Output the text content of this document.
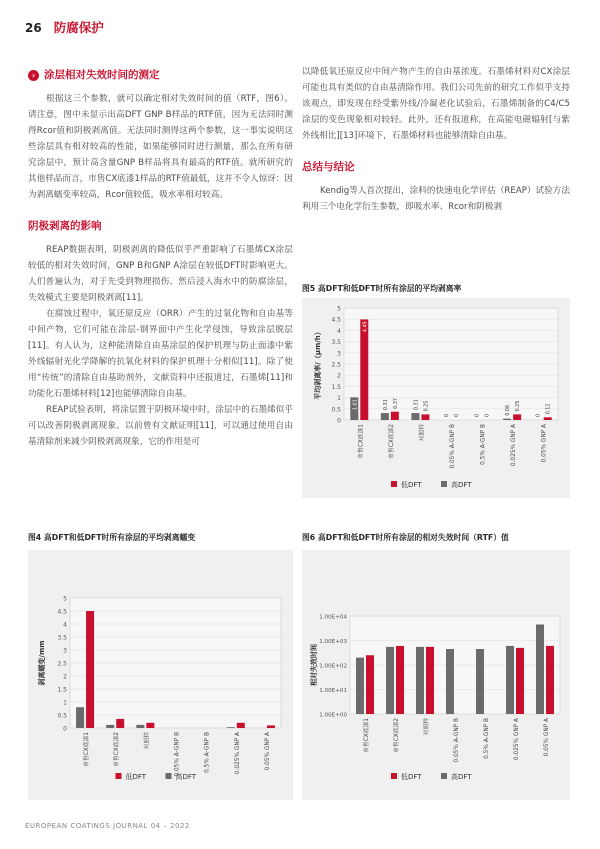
26 防腐保护
› 涂层相对失效时间的测定

根据这三个参数，就可以确定相对失效时间的值（RTF，图6）。请注意，图中未显示出高DFT GNP B样品的RTF值，因为无法同时测得Rcor值和阴极剥离值。无法同时测得这两个参数，这一事实说明这些涂层具有相对较高的性能，如果能够同时进行测量，那么在所有研究涂层中，预计高含量GNP B样品将具有最高的RTF值。就所研究的其他样品而言，市售CX底漆1样品的RTF值最低，这并不令人惊讶：因为剥离蠕变率较高，Rcor值较低，吸水率相对较高。

阴极剥离的影响

REAP数据表明，阴极剥离的降低似乎严重影响了石墨烯CX涂层较低的相对失效时间，GNP B和GNP A涂层在较低DFT时影响更大。人们普遍认为，对于先受到物理损伤、然后浸入海水中的防腐涂层，失效模式主要是阴极剥离[11]。

在腐蚀过程中，氧还原反应（ORR）产生的过氧化物和自由基等中间产物，它们可能在涂层-钢界面中产生化学侵蚀，导致涂层脱层[11]。有人认为，这种能清除自由基涂层的保护机理与防止面漆中紫外线辐射光化学降解的抗氧化材料的保护机理十分相似[11]。除了使用“传统”的清除自由基助剂外，文献资料中还报道过，石墨烯[11]和功能化石墨烯材料[12]也能够清除自由基。

REAP试验表明，将涂层置于阴极环境中时，涂层中的石墨烯似乎可以改善阴极剥离现象。以前曾有文献证明[11]，可以通过使用自由基清除剂来减少阴极剥离现象，它的作用是可

以降低氧还原反应中间产物产生的自由基浓度。石墨烯材料对CX涂层可能也具有类似的自由基清除作用。我们公司先前的研究工作似乎支持该观点，即发现在经受紫外线/冷凝老化试验后，石墨烯制备的C4/C5涂层的变色现象相对较轻。此外，还有报道称，在高能电磁辐射[与紫外线相比][13]环境下，石墨烯材料也能够清除自由基。

总结与结论

Kendig等人首次提出，涂料的快速电化学评估（REAP）试验方法利用三个电化学衍生参数，即吸水率、Rcor和阴极剥

图5 高DFT和低DFT时所有涂层的平均剥离率
0
0.5
1
1.5
2
2.5
3
3.5
4
4.5
5
平均剥离率/（μm/h）
1.01
4.49
市售CX底漆1
0.31 0.37
市售CX底漆2
0.31 0.25
对照样
0 0
0.05% A-GNP B
0 0
0.5% A-GNP B
0.06 0.25
0.025% GNP A
0
0.12
0.05% GNP A
低DFT	高DFT
图4 高DFT和低DFT时所有涂层的平均剥离蠕变
0
0.5
1
1.5
2
2.5
3
3.5
4
4.5
5
剥离蠕变/mm
市售CX底漆1	市售CX底漆2	对照样	0.05% A-GNP B	0.5% A-GNP B	0.025% GNP A	0.05% GNP A
低DFT	高DFT
图6 高DFT和低DFT时所有涂层的相对失效时间（RTF）值
1.00E+00
1.00E+01
1.00E+02
1.00E+03
1.00E+04
相对失效时间
市售CX底漆1	市售CX底漆2	对照样	0.05% A-GNP B	0.5% A-GNP B	0.025% GNP A	0.05% GNP A
低DFT	高DFT
EUROPEAN COATINGS JOURNAL 04 – 2022
